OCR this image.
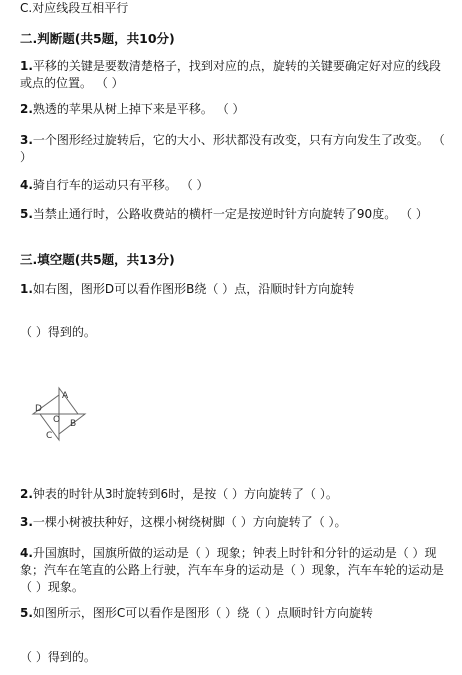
C.对应线段互相平行
二.判断题(共5题，共10分)
1.平移的关键是要数清楚格子，找到对应的点，旋转的关键要确定好对应的线段或点的位置。 （ ）
2.熟透的苹果从树上掉下来是平移。 （ ）
3.一个图形经过旋转后，它的大小、形状都没有改变，只有方向发生了改变。 （ ）
4.骑自行车的运动只有平移。 （ ）
5.当禁止通行时，公路收费站的横杆一定是按逆时针方向旋转了90度。 （ ）
三.填空题(共5题，共13分)
1.如右图，图形D可以看作图形B绕（ ）点，沿顺时针方向旋转
（ ）得到的。
A
B
C
D
O
2.钟表的时针从3时旋转到6时，是按（ ）方向旋转了（ ）。
3.一棵小树被扶种好，这棵小树绕树脚（ ）方向旋转了（ ）。
4.升国旗时，国旗所做的运动是（ ）现象；钟表上时针和分针的运动是（ ）现象；汽车在笔直的公路上行驶，汽车车身的运动是（ ）现象，汽车车轮的运动是（ ）现象。
5.如图所示，图形C可以看作是图形（ ）绕（ ）点顺时针方向旋转
（ ）得到的。
